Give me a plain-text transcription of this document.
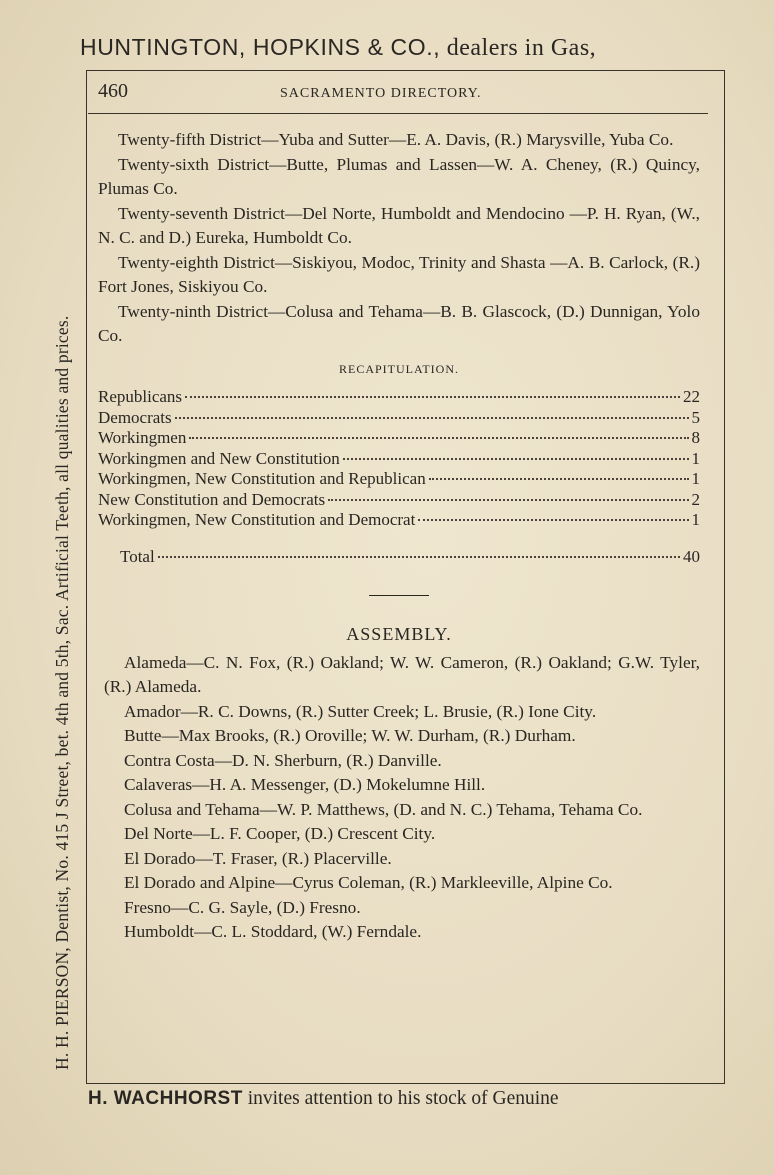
HUNTINGTON, HOPKINS & CO., dealers in Gas,
H. H. PIERSON, Dentist, No. 415 J Street, bet. 4th and 5th, Sac. Artificial Teeth, all qualities and prices.
460	SACRAMENTO DIRECTORY.

Twenty-fifth District—Yuba and Sutter—E. A. Davis, (R.) Marysville, Yuba Co.

Twenty-sixth District—Butte, Plumas and Lassen—W. A. Cheney, (R.) Quincy, Plumas Co.

Twenty-seventh District—Del Norte, Humboldt and Mendocino —P. H. Ryan, (W., N. C. and D.) Eureka, Humboldt Co.

Twenty-eighth District—Siskiyou, Modoc, Trinity and Shasta —A. B. Carlock, (R.) Fort Jones, Siskiyou Co.

Twenty-ninth District—Colusa and Tehama—B. B. Glascock, (D.) Dunnigan, Yolo Co.

RECAPITULATION.
Republicans	22
Democrats	5
Workingmen	8
Workingmen and New Constitution	1
Workingmen, New Constitution and Republican	1
New Constitution and Democrats	2
Workingmen, New Constitution and Democrat	1
Total	40
ASSEMBLY.

Alameda—C. N. Fox, (R.) Oakland; W. W. Cameron, (R.) Oakland; G.W. Tyler, (R.) Alameda.

Amador—R. C. Downs, (R.) Sutter Creek; L. Brusie, (R.) Ione City.

Butte—Max Brooks, (R.) Oroville; W. W. Durham, (R.) Durham.

Contra Costa—D. N. Sherburn, (R.) Danville.

Calaveras—H. A. Messenger, (D.) Mokelumne Hill.

Colusa and Tehama—W. P. Matthews, (D. and N. C.) Tehama, Tehama Co.

Del Norte—L. F. Cooper, (D.) Crescent City.

El Dorado—T. Fraser, (R.) Placerville.

El Dorado and Alpine—Cyrus Coleman, (R.) Markleeville, Alpine Co.

Fresno—C. G. Sayle, (D.) Fresno.

Humboldt—C. L. Stoddard, (W.) Ferndale.

H. WACHHORST invites attention to his stock of Genuine
